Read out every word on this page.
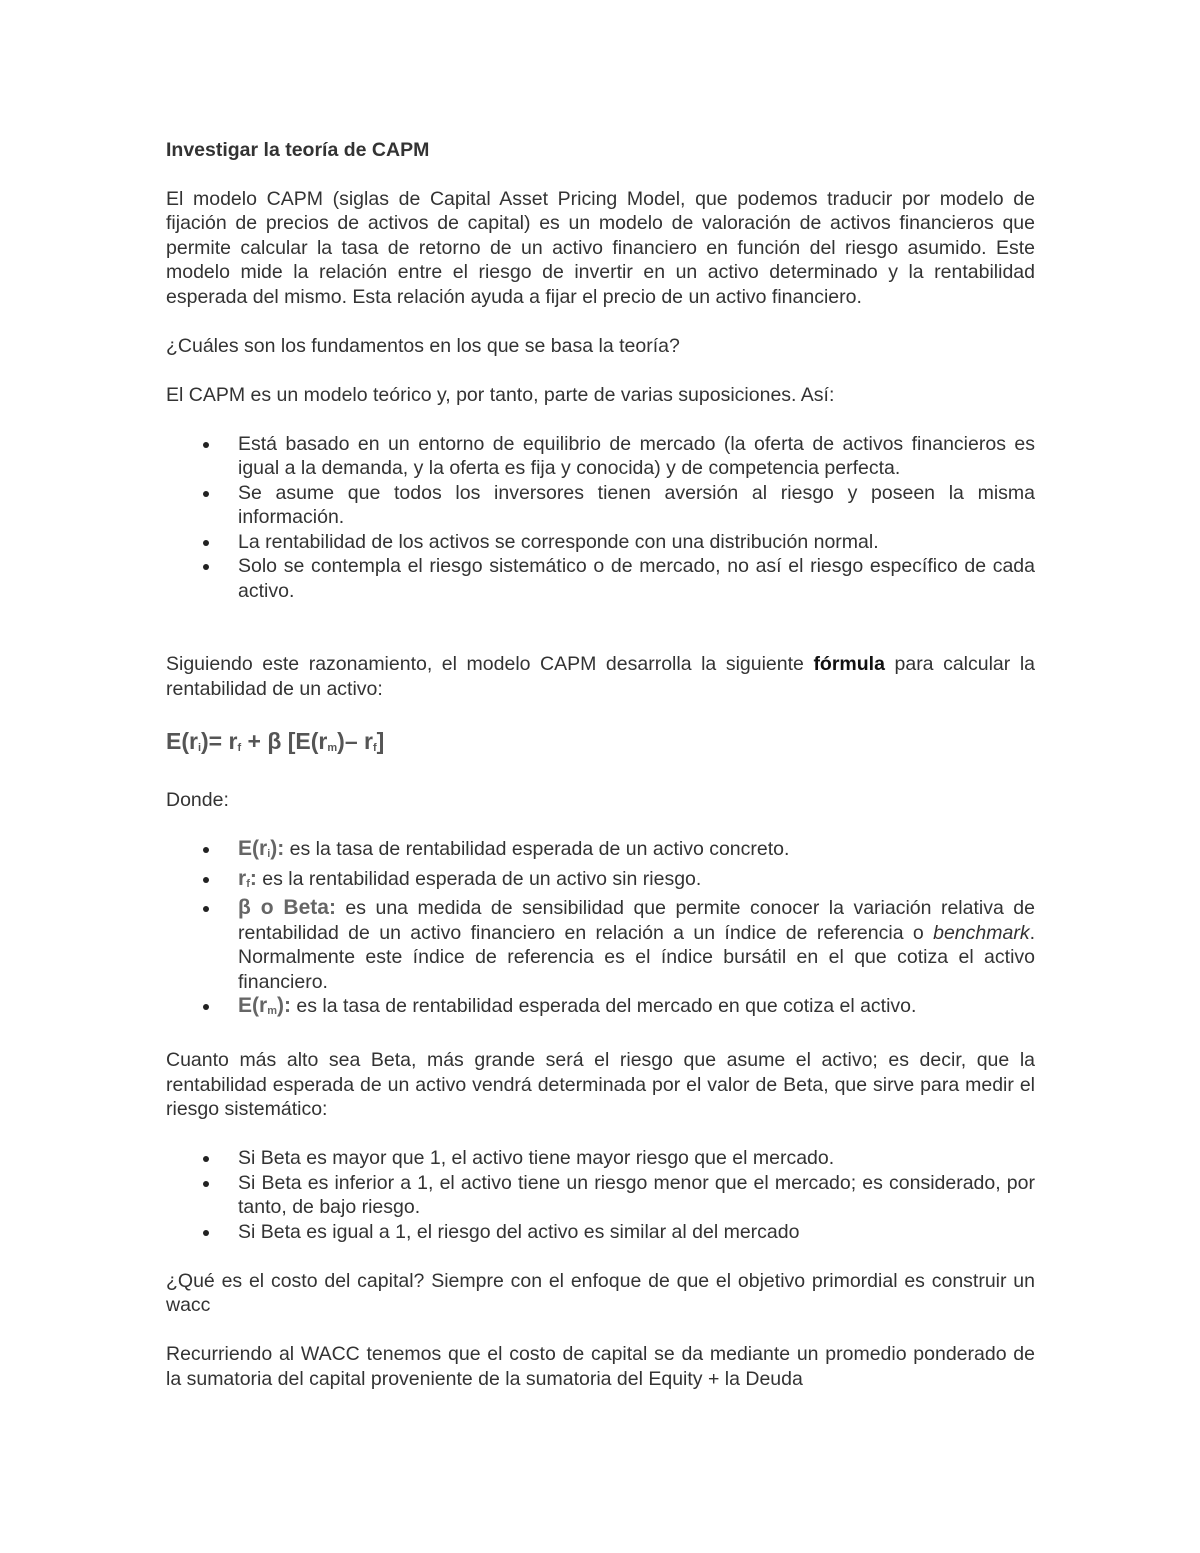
Investigar la teoría de CAPM

El modelo CAPM (siglas de Capital Asset Pricing Model, que podemos traducir por modelo de fijación de precios de activos de capital) es un modelo de valoración de activos financieros que permite calcular la tasa de retorno de un activo financiero en función del riesgo asumido. Este modelo mide la relación entre el riesgo de invertir en un activo determinado y la rentabilidad esperada del mismo. Esta relación ayuda a fijar el precio de un activo financiero.

¿Cuáles son los fundamentos en los que se basa la teoría?

El CAPM es un modelo teórico y, por tanto, parte de varias suposiciones. Así:

Está basado en un entorno de equilibrio de mercado (la oferta de activos financieros es igual a la demanda, y la oferta es fija y conocida) y de competencia perfecta.
Se asume que todos los inversores tienen aversión al riesgo y poseen la misma información.
La rentabilidad de los activos se corresponde con una distribución normal.
Solo se contempla el riesgo sistemático o de mercado, no así el riesgo específico de cada activo.

Siguiendo este razonamiento, el modelo CAPM desarrolla la siguiente fórmula para calcular la rentabilidad de un activo:

$E(r_i)= r_f + \beta$ [$E(r_m)-$ $r_f$]

Donde:

$E(r_i)$: es la tasa de rentabilidad esperada de un activo concreto.
$r_f$: es la rentabilidad esperada de un activo sin riesgo.
β o Beta: es una medida de sensibilidad que permite conocer la variación relativa de rentabilidad de un activo financiero en relación a un índice de referencia o benchmark. Normalmente este índice de referencia es el índice bursátil en el que cotiza el activo financiero.
$E(r_m)$: es la tasa de rentabilidad esperada del mercado en que cotiza el activo.

Cuanto más alto sea Beta, más grande será el riesgo que asume el activo; es decir, que la rentabilidad esperada de un activo vendrá determinada por el valor de Beta, que sirve para medir el riesgo sistemático:

Si Beta es mayor que 1, el activo tiene mayor riesgo que el mercado.
Si Beta es inferior a 1, el activo tiene un riesgo menor que el mercado; es considerado, por tanto, de bajo riesgo.
Si Beta es igual a 1, el riesgo del activo es similar al del mercado

¿Qué es el costo del capital? Siempre con el enfoque de que el objetivo primordial es construir un wacc

Recurriendo al WACC tenemos que el costo de capital se da mediante un promedio ponderado de la sumatoria del capital proveniente de la sumatoria del Equity + la Deuda
